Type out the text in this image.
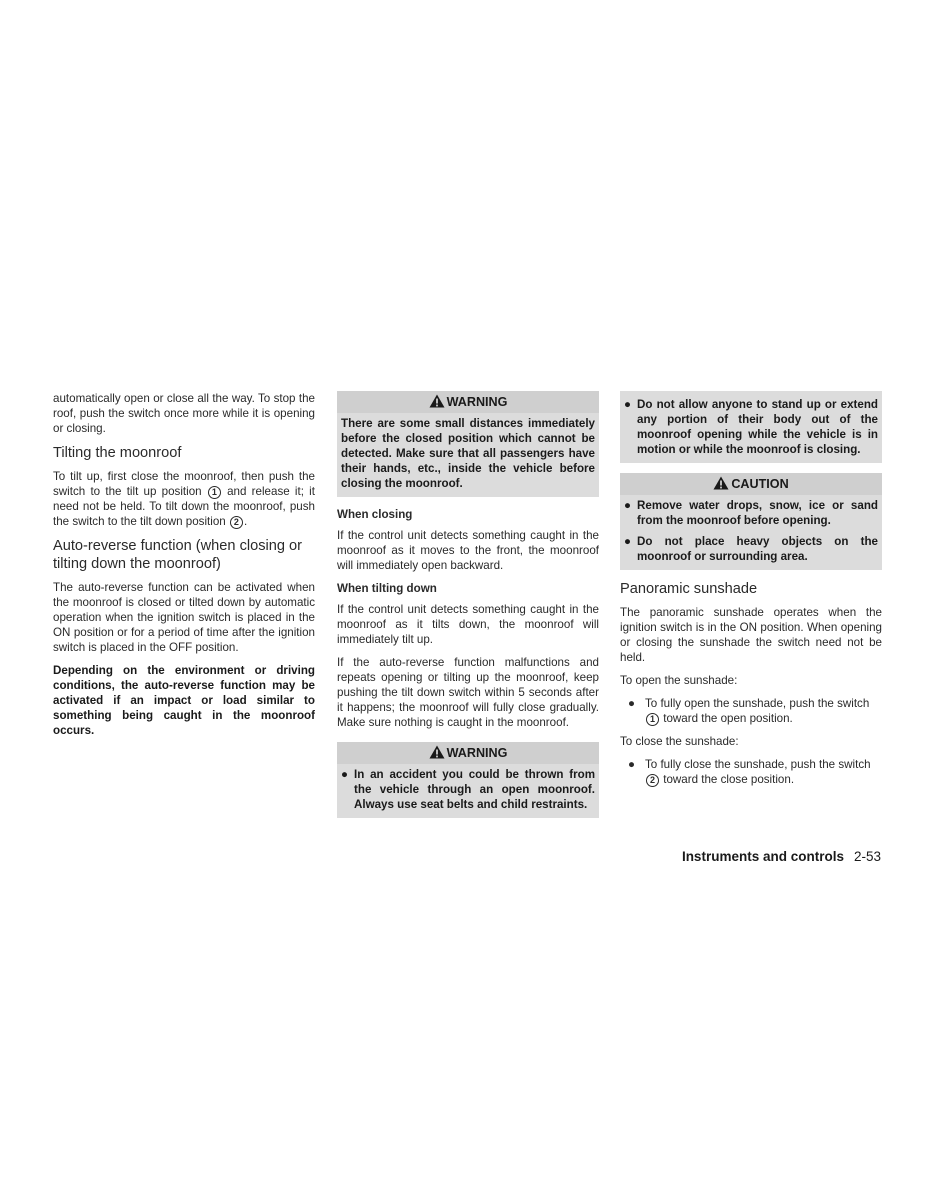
automatically open or close all the way. To stop the roof, push the switch once more while it is opening or closing.

Tilting the moonroof

To tilt up, first close the moonroof, then push the switch to the tilt up position 1 and release it; it need not be held. To tilt down the moonroof, push the switch to the tilt down position 2 .

Auto-reverse function (when closing or tilting down the moonroof)

The auto-reverse function can be activated when the moonroof is closed or tilted down by automatic operation when the ignition switch is placed in the ON position or for a period of time after the ignition switch is placed in the OFF position.

Depending on the environment or driving conditions, the auto-reverse function may be activated if an impact or load similar to something being caught in the moonroof occurs.

WARNING
There are some small distances immediately before the closed position which cannot be detected. Make sure that all passengers have their hands, etc., inside the vehicle before closing the moonroof.
When closing

If the control unit detects something caught in the moonroof as it moves to the front, the moonroof will immediately open backward.

When tilting down

If the control unit detects something caught in the moonroof as it tilts down, the moonroof will immediately tilt up.

If the auto-reverse function malfunctions and repeats opening or tilting up the moonroof, keep pushing the tilt down switch within 5 seconds after it happens; the moonroof will fully close gradually. Make sure nothing is caught in the moonroof.

WARNING
● In an accident you could be thrown from the vehicle through an open moonroof. Always use seat belts and child restraints.
● Do not allow anyone to stand up or extend any portion of their body out of the moonroof opening while the vehicle is in motion or while the moonroof is closing.
CAUTION
● Remove water drops, snow, ice or sand from the moonroof before opening.
● Do not place heavy objects on the moonroof or surrounding area.
Panoramic sunshade

The panoramic sunshade operates when the ignition switch is in the ON position. When opening or closing the sunshade the switch need not be held.

To open the sunshade:

● To fully open the sunshade, push the switch 1 toward the open position.

To close the sunshade:

● To fully close the sunshade, push the switch 2 toward the close position.
Instruments and controls 2-53
